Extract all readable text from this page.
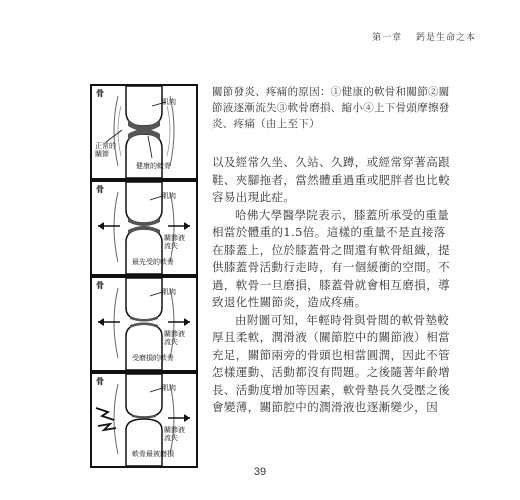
第一章 鈣是生命之本
骨
肌肉
正常的
關節
健康的軟骨
骨
肌肉
關節液
流失
最先受的軟骨
骨
肌肉
關節液
流失
受磨損的軟骨
骨
肌肉
關節液
流失
軟骨最被磨損
關節發炎、疼痛的原因：①健康的軟骨和關節②關節液逐漸流失③軟骨磨損、縮小④上下骨頭摩擦發炎、疼痛（由上至下）

以及經常久坐、久站、久蹲，或經常穿著高跟鞋、夾腳拖者，當然體重過重或肥胖者也比較容易出現此症。

哈佛大學醫學院表示，膝蓋所承受的重量相當於體重的1.5倍。這樣的重量不是直接落在膝蓋上，位於膝蓋骨之間還有軟骨組織，提供膝蓋骨活動行走時，有一個緩衝的空間。不過，軟骨一旦磨損，膝蓋骨就會相互磨損，導致退化性關節炎，造成疼痛。

由附圖可知，年輕時骨與骨間的軟骨墊較厚且柔軟，潤滑液（關節腔中的關節液）相當充足，關節兩旁的骨頭也相當圓潤，因此不管怎樣運動、活動都沒有問題。之後隨著年齡增長、活動度增加等因素，軟骨墊長久受壓之後會變薄，關節腔中的潤滑液也逐漸變少，因

39
